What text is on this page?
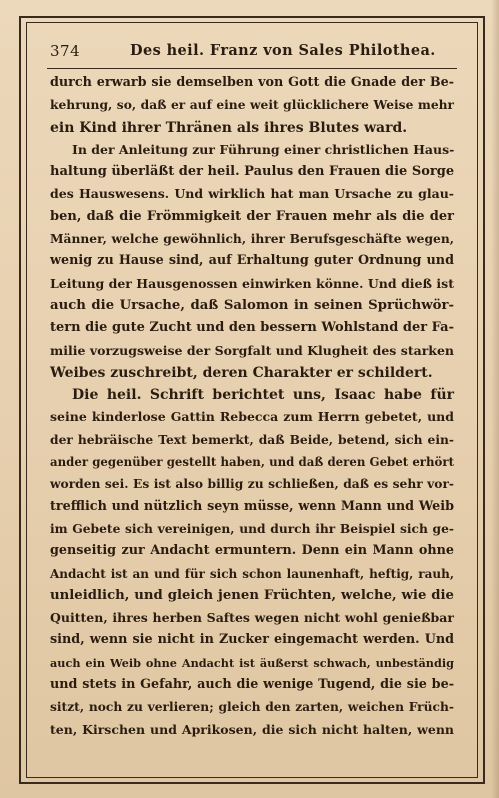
374	Des heil. Franz von Sales Philothea.
durch erwarb sie demselben von Gott die Gnade der Be-
kehrung, so, daß er auf eine weit glücklichere Weise mehr
ein Kind ihrer Thränen als ihres Blutes ward.
In der Anleitung zur Führung einer christlichen Haus-
haltung überläßt der heil. Paulus den Frauen die Sorge
des Hauswesens. Und wirklich hat man Ursache zu glau-
ben, daß die Frömmigkeit der Frauen mehr als die der
Männer, welche gewöhnlich, ihrer Berufsgeschäfte wegen,
wenig zu Hause sind, auf Erhaltung guter Ordnung und
Leitung der Hausgenossen einwirken könne. Und dieß ist
auch die Ursache, daß Salomon in seinen Sprüchwör-
tern die gute Zucht und den bessern Wohlstand der Fa-
milie vorzugsweise der Sorgfalt und Klugheit des starken
Weibes zuschreibt, deren Charakter er schildert.
Die heil. Schrift berichtet uns, Isaac habe für
seine kinderlose Gattin Rebecca zum Herrn gebetet, und
der hebräische Text bemerkt, daß Beide, betend, sich ein-
ander gegenüber gestellt haben, und daß deren Gebet erhört
worden sei. Es ist also billig zu schließen, daß es sehr vor-
trefflich und nützlich seyn müsse, wenn Mann und Weib
im Gebete sich vereinigen, und durch ihr Beispiel sich ge-
genseitig zur Andacht ermuntern. Denn ein Mann ohne
Andacht ist an und für sich schon launenhaft, heftig, rauh,
unleidlich, und gleich jenen Früchten, welche, wie die
Quitten, ihres herben Saftes wegen nicht wohl genießbar
sind, wenn sie nicht in Zucker eingemacht werden. Und
auch ein Weib ohne Andacht ist äußerst schwach, unbeständig
und stets in Gefahr, auch die wenige Tugend, die sie be-
sitzt, noch zu verlieren; gleich den zarten, weichen Früch-
ten, Kirschen und Aprikosen, die sich nicht halten, wenn
